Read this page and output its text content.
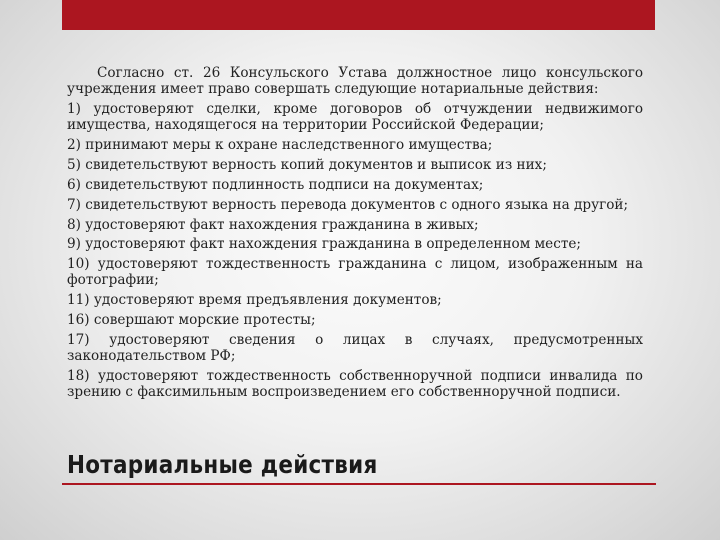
Согласно ст. 26 Консульского Устава должностное лицо консульского учреждения имеет право совершать следующие нотариальные действия:

1) удостоверяют сделки, кроме договоров об отчуждении недвижимого имущества, находящегося на территории Российской Федерации;

2) принимают меры к охране наследственного имущества;

5) свидетельствуют верность копий документов и выписок из них;

6) свидетельствуют подлинность подписи на документах;

7) свидетельствуют верность перевода документов с одного языка на другой;

8) удостоверяют факт нахождения гражданина в живых;

9) удостоверяют факт нахождения гражданина в определенном месте;

10) удостоверяют тождественность гражданина с лицом, изображенным на фотографии;

11) удостоверяют время предъявления документов;

16) совершают морские протесты;

17) удостоверяют сведения о лицах в случаях, предусмотренных законодательством РФ;

18) удостоверяют тождественность собственноручной подписи инвалида по зрению с факсимильным воспроизведением его собственноручной подписи.

Нотариальные действия
